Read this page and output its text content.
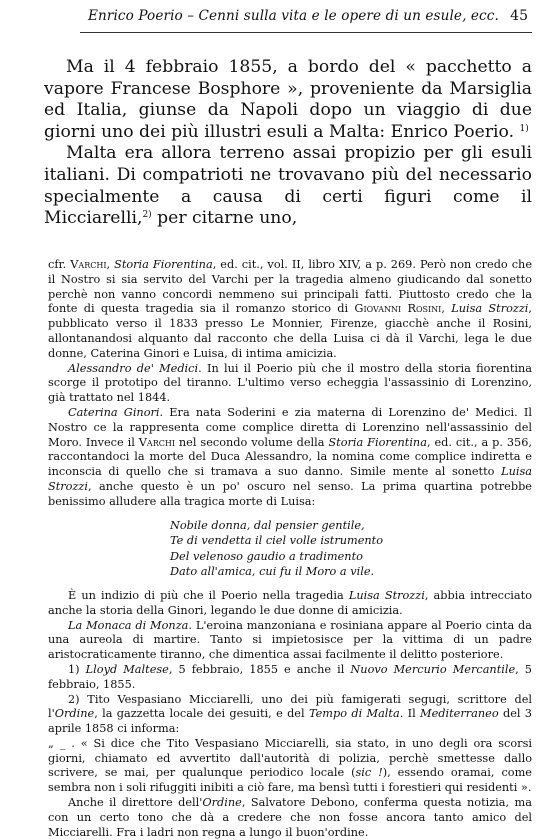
Enrico Poerio – Cenni sulla vita e le opere di un esule, ecc. 45

Ma il 4 febbraio 1855, a bordo del « pacchetto a vapore Francese Bosphore », proveniente da Marsiglia ed Italia, giunse da Napoli dopo un viaggio di due giorni uno dei più illustri esuli a Malta: Enrico Poerio. $^{1)}$

Malta era allora terreno assai propizio per gli esuli italiani. Di compatrioti ne trovavano più del necessario specialmente a causa di certi figuri come il Micciarelli,$^{2)}$ per citarne uno,

cfr. Varchi, Storia Fiorentina, ed. cit., vol. II, libro XIV, a p. 269. Però non credo che il Nostro si sia servito del Varchi per la tragedia almeno giudicando dal sonetto perchè non vanno concordi nemmeno sui principali fatti. Piuttosto credo che la fonte di questa tragedia sia il romanzo storico di Giovanni Rosini, Luisa Strozzi, pubblicato verso il 1833 presso Le Monnier, Firenze, giacchè anche il Rosini, allontanandosi alquanto dal racconto che della Luisa ci dà il Varchi, lega le due donne, Caterina Ginori e Luisa, di intima amicizia.

Alessandro de' Medici. In lui il Poerio più che il mostro della storia fiorentina scorge il prototipo del tiranno. L'ultimo verso echeggia l'assassinio di Lorenzino, già trattato nel 1844.

Caterina Ginori. Era nata Soderini e zia materna di Lorenzino de' Medici. Il Nostro ce la rappresenta come complice diretta di Lorenzino nell'assassinio del Moro. Invece il Varchi nel secondo volume della Storia Fiorentina, ed. cit., a p. 356, raccontandoci la morte del Duca Alessandro, la nomina come complice indiretta e inconscia di quello che si tramava a suo danno. Simile mente al sonetto Luisa Strozzi, anche questo è un po' oscuro nel senso. La prima quartina potrebbe benissimo alludere alla tragica morte di Luisa:

Nobile donna, dal pensier gentile,
Te di vendetta il ciel volle istrumento
Del velenoso gaudio a tradimento
Dato all'amica, cui fu il Moro a vile.

È un indizio di più che il Poerio nella tragedia Luisa Strozzi, abbia intrecciato anche la storia della Ginori, legando le due donne di amicizia.

La Monaca di Monza. L'eroina manzoniana e rosiniana appare al Poerio cinta da una aureola di martire. Tanto si impietosisce per la vittima di un padre aristocraticamente tiranno, che dimentica assai facilmente il delitto posteriore.

1) Lloyd Maltese, 5 febbraio, 1855 e anche il Nuovo Mercurio Mercantile, 5 febbraio, 1855.

2) Tito Vespasiano Micciarelli, uno dei più famigerati segugi, scrittore del l'Ordine, la gazzetta locale dei gesuiti, e del Tempo di Malta. Il Mediterraneo del 3 aprile 1858 ci informa:

„ _ . « Si dice che Tito Vespasiano Micciarelli, sia stato, in uno degli ora scorsi giorni, chiamato ed avvertito dall'autorità di polizia, perchè smettesse dallo scrivere, se mai, per qualunque periodico locale (sic !), essendo oramai, come sembra non i soli rifuggiti inibiti a ciò fare, ma bensì tutti i forestieri qui residenti ».

Anche il direttore dell'Ordine, Salvatore Debono, conferma questa notizia, ma con un certo tono che dà a credere che non fosse ancora tanto amico del Micciarelli. Fra i ladri non regna a lungo il buon'ordine.
